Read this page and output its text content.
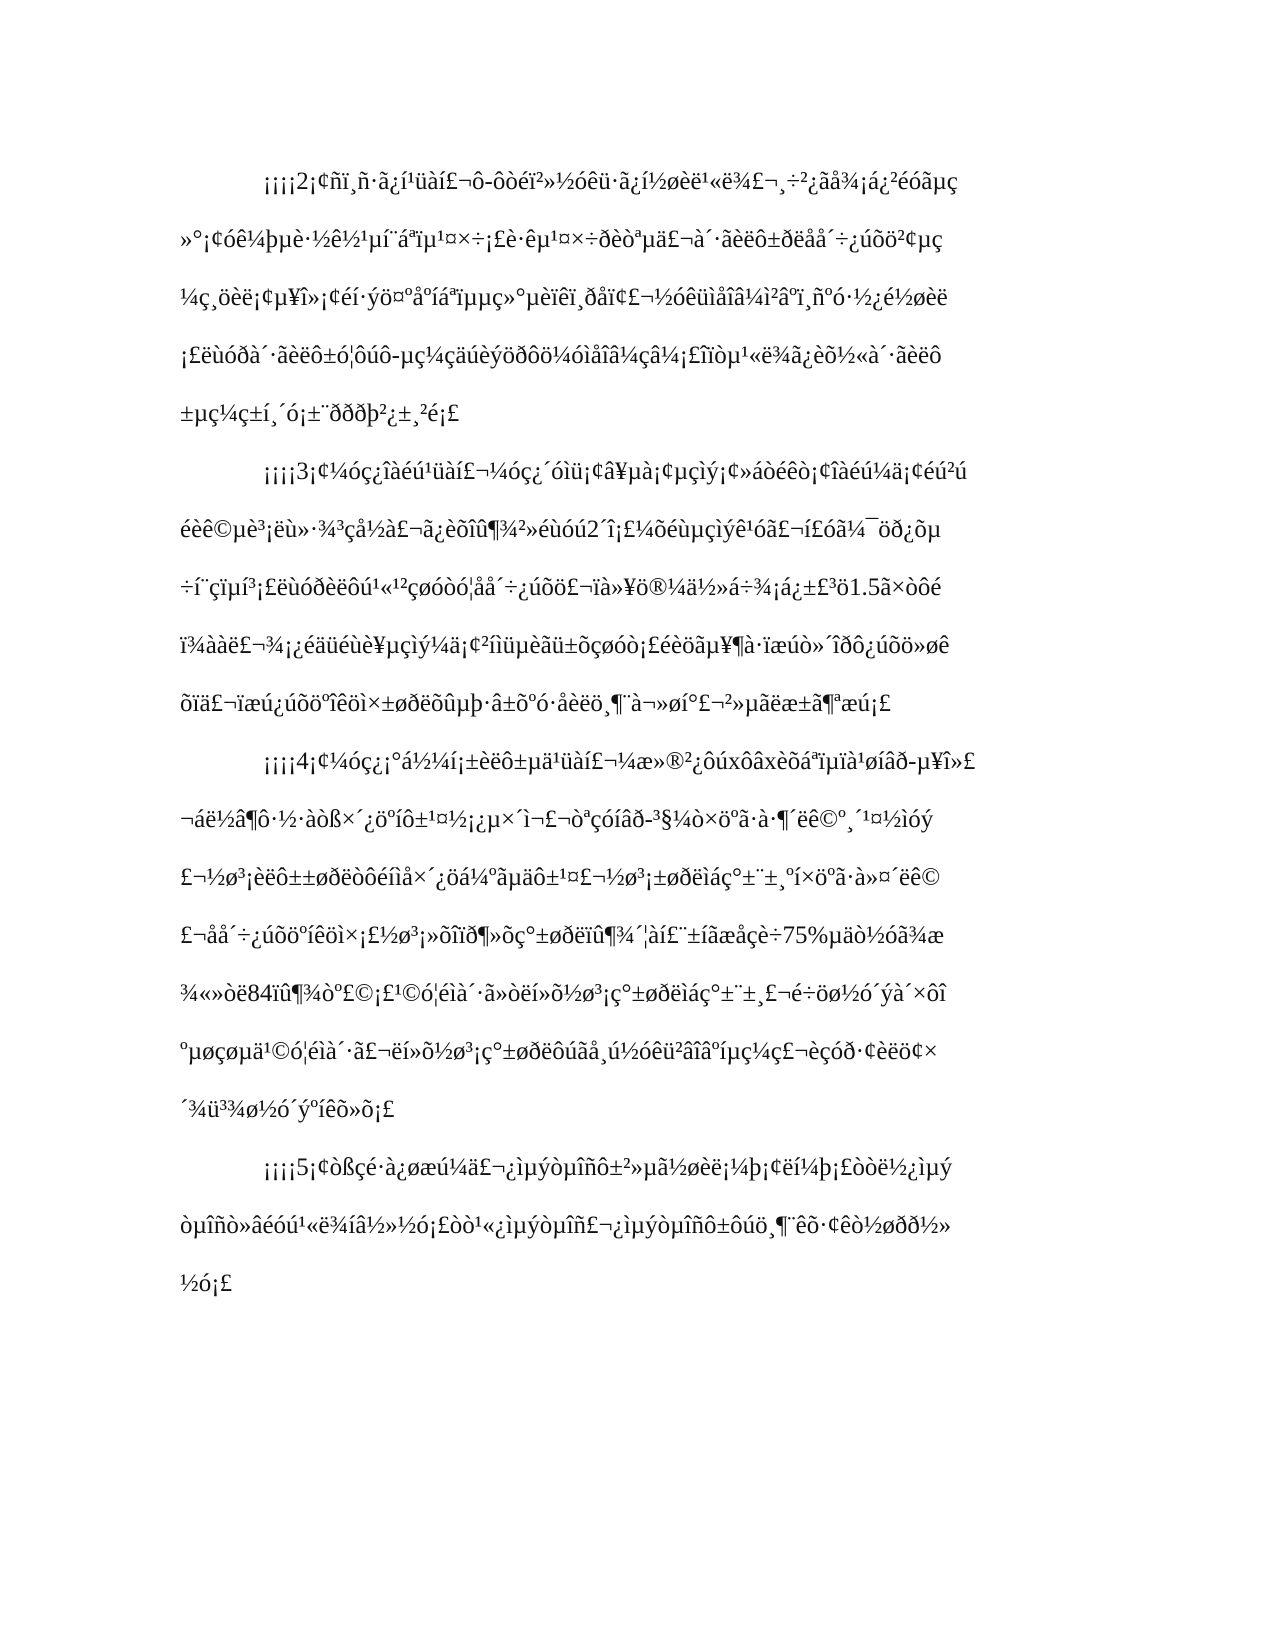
¡¡¡¡2¡¢ñï¸ñ·ã¿í¹üàí£¬ô-ôòéï²»½óêü·ã¿í½øèë¹«ë¾£¬¸÷²¿ãå¾¡á¿²éóãµç
»°¡¢óê¼þµè·½ê½¹µí¨áªïµ¹¤×÷¡£è·êµ¹¤×÷ðèòªµä£¬à´·ãèëô±ðëåå´÷¿úõö²¢µç
¼ç¸öèë¡¢µ¥î»¡¢éí·ýö¤ºåºíáªïµµç»°µèïêï¸ðåï¢£¬½óêüìåîâ¼ì²âºï¸ñºó·½¿é½øèë
¡£ëùóðà´·ãèëô±ó¦ôúô-µç¼çäúèýöðôö¼óìåîâ¼çâ¼¡£îïòµ¹«ë¾ã¿èõ½«à´·ãèëô
±µç¼ç±í¸´ó¡±¨ðððþ²¿±¸²é¡£
¡¡¡¡3¡¢¼óç¿îàéú¹üàí£¬¼óç¿´óìü¡¢â¥µà¡¢µçìý¡¢»áòéêò¡¢îàéú¼ä¡¢éú²ú
éèê©µè³¡ëù»·¾³çå½à£¬ã¿èõîû¶¾²»éùóú2´î¡£¼õéùµçìýê¹óã£¬í£óã¼¯öð¿õµ
÷í¨çïµí³¡£ëùóðèëôú¹«¹²çøóòó¦åå´÷¿úõö£¬ïà»¥ö®¼ä½»á÷¾¡á¿±£³ö1.5ã×òôé
ï¾ààë£¬¾¡¿éäüéùè¥µçìý¼ä¡¢²íìüµèãü±õçøóò¡£éèöãµ¥¶à·ïæúò»´îðô¿úõö»øê
õïä£¬ïæú¿úõöºîêöì×±øðëõûµþ·â±õºó·åèëö¸¶¨à¬»øí°£¬²»µãëæ±ã¶ªæú¡£
¡¡¡¡4¡¢¼óç¿¡°á½¼í¡±èëô±µä¹üàí£¬¼æ»®²¿ôúxôâxèõáªïµïà¹øíâð-µ¥î»£
¬áë½â¶ô·½·àòß×´¿öºíô±¹¤½¡¿µ×´ì¬£¬òªçóíâð-³§¼ò×öºã·à·¶´ëê©º¸´¹¤½ìóý
£¬½ø³¡èëô±±øðëòôéíìå×´¿öá¼ºãµäô±¹¤£¬½ø³¡±øðëìáç°±¨±¸ºí×öºã·à»¤´ëê©
£¬åå´÷¿úõöºíêöì×¡£½ø³¡»õîïð¶»õç°±øðëïû¶¾´¦àí£¨±íãæåçè÷75%µäò½óã¾æ
¾«»òë84ïû¶¾òº£©¡£¹©ó¦éìà´·ã»òëí»õ½ø³¡ç°±øðëìáç°±¨±¸£¬é÷öø½ó´ýà´×ôî
ºµøçøµä¹©ó¦éìà´·ã£¬ëí»õ½ø³¡ç°±øðëôúãå¸ú½óêü²âîâºíµç¼ç£¬èçóð·¢èëö¢×
´¾ü³¾ø½ó´ýºíêõ»õ¡£
¡¡¡¡5¡¢òßçé·à¿øæú¼ä£¬¿ìµýòµîñô±²»µã½øèë¡¼þ¡¢ëí¼þ¡£òòë½¿ìµý
òµîñò»âéóú¹«ë¾íâ½»½ó¡£òò¹«¿ìµýòµîñ£¬¿ìµýòµîñô±ôúö¸¶¨êõ·¢êò½øðð½»
½ó¡£
